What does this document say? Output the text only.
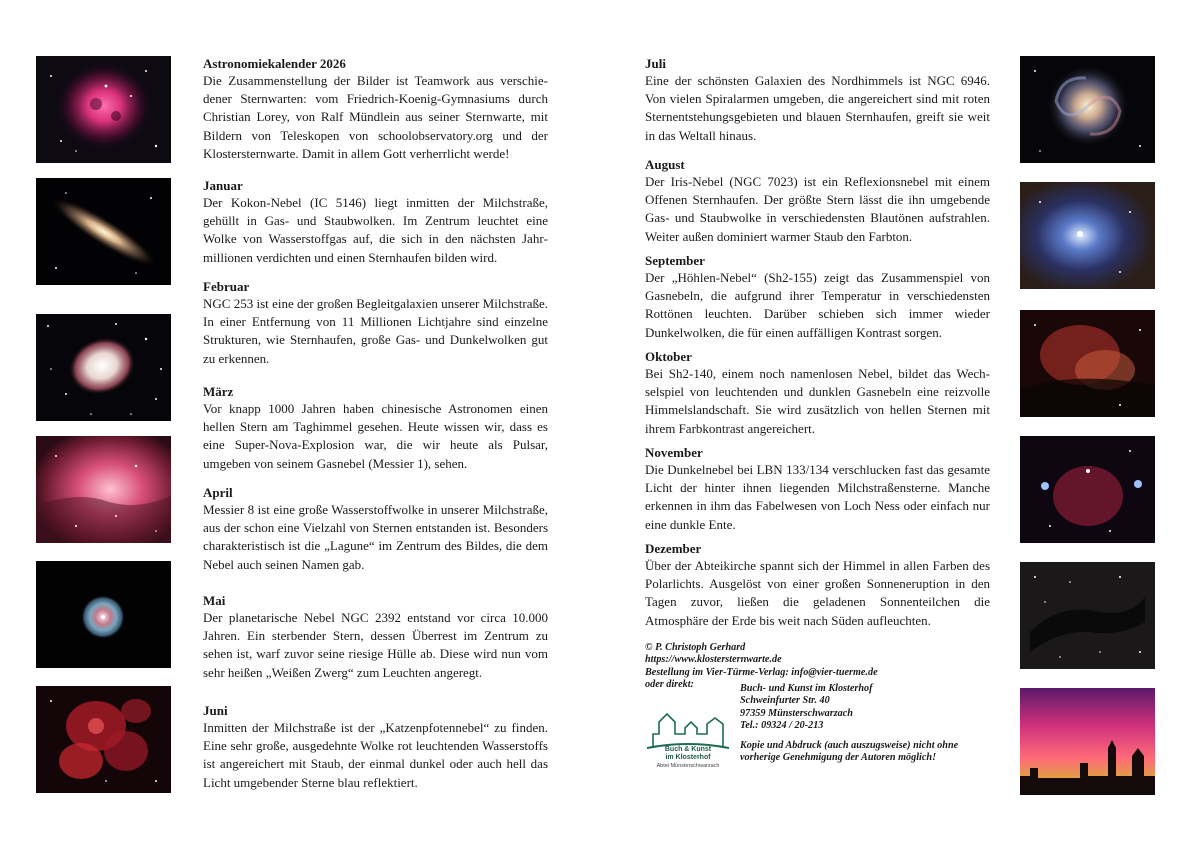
Astronomiekalender 2026

Die Zusammenstellung der Bilder ist Teamwork aus verschiedener Sternwarten: vom Friedrich-Koenig-Gymnasiums durch Christian Lorey, von Ralf Mündlein aus seiner Sternwarte, mit Bildern von Teleskopen von schoolobservatory.org und der Klostersternwarte. Damit in allem Gott verherrlicht werde!

Januar

Der Kokon-Nebel (IC 5146) liegt inmitten der Milchstraße, gehüllt in Gas- und Staubwolken. Im Zentrum leuchtet eine Wolke von Wasserstoffgas auf, die sich in den nächsten Jahrmillionen verdichten und einen Sternhaufen bilden wird.

Februar

NGC 253 ist eine der großen Begleitgalaxien unserer Milchstraße. In einer Entfernung von 11 Millionen Lichtjahre sind einzelne Strukturen, wie Sternhaufen, große Gas- und Dunkelwolken gut zu erkennen.

März

Vor knapp 1000 Jahren haben chinesische Astronomen einen hellen Stern am Taghimmel gesehen. Heute wissen wir, dass es eine Super-Nova-Explosion war, die wir heute als Pulsar, umgeben von seinem Gasnebel (Messier 1), sehen.

April

Messier 8 ist eine große Wasserstoffwolke in unserer Milchstraße, aus der schon eine Vielzahl von Sternen entstanden ist. Besonders charakteristisch ist die „Lagune“ im Zentrum des Bildes, die dem Nebel auch seinen Namen gab.

Mai

Der planetarische Nebel NGC 2392 entstand vor circa 10.000 Jahren. Ein sterbender Stern, dessen Überrest im Zentrum zu sehen ist, warf zuvor seine riesige Hülle ab. Diese wird nun vom sehr heißen „Weißen Zwerg“ zum Leuchten angeregt.

Juni

Inmitten der Milchstraße ist der „Katzenpfotennebel“ zu finden. Eine sehr große, ausgedehnte Wolke rot leuchtenden Wasserstoffs ist angereichert mit Staub, der einmal dunkel oder auch hell das Licht umgebender Sterne blau reflektiert.

Juli

Eine der schönsten Galaxien des Nordhimmels ist NGC 6946. Von vielen Spiralarmen umgeben, die angereichert sind mit roten Sternentstehungsgebieten und blauen Sternhaufen, greift sie weit in das Weltall hinaus.

August

Der Iris-Nebel (NGC 7023) ist ein Reflexionsnebel mit einem Offenen Sternhaufen. Der größte Stern lässt die ihn umgebende Gas- und Staubwolke in verschiedensten Blautönen aufstrahlen. Weiter außen dominiert warmer Staub den Farbton.

September

Der „Höhlen-Nebel“ (Sh2-155) zeigt das Zusammenspiel von Gasnebeln, die aufgrund ihrer Temperatur in verschiedensten Rottönen leuchten. Darüber schieben sich immer wieder Dunkelwolken, die für einen auffälligen Kontrast sorgen.

Oktober

Bei Sh2-140, einem noch namenlosen Nebel, bildet das Wechselspiel von leuchtenden und dunklen Gasnebeln eine reizvolle Himmelslandschaft. Sie wird zusätzlich von hellen Sternen mit ihrem Farbkontrast angereichert.

November

Die Dunkelnebel bei LBN 133/134 verschlucken fast das gesamte Licht der hinter ihnen liegenden Milchstraßensterne. Manche erkennen in ihm das Fabelwesen von Loch Ness oder einfach nur eine dunkle Ente.

Dezember

Über der Abteikirche spannt sich der Himmel in allen Farben des Polarlichts. Ausgelöst von einer großen Sonneneruption in den Tagen zuvor, ließen die geladenen Sonnenteilchen die Atmosphäre der Erde bis weit nach Süden aufleuchten.

© P. Christoph Gerhard
https://www.klostersternwarte.de
Bestellung im Vier-Türme-Verlag: info@vier-tuerme.de
oder direkt:	Buch- und Kunst im Klosterhof
Schweinfurter Str. 40
97359 Münsterschwarzach
Tel.: 09324 / 20-213
Buch & Kunst
im Klosterhof
Abtei Münsterschwarzach
Kopie und Abdruck (auch auszugsweise) nicht ohne vorherige Genehmigung der Autoren möglich!
